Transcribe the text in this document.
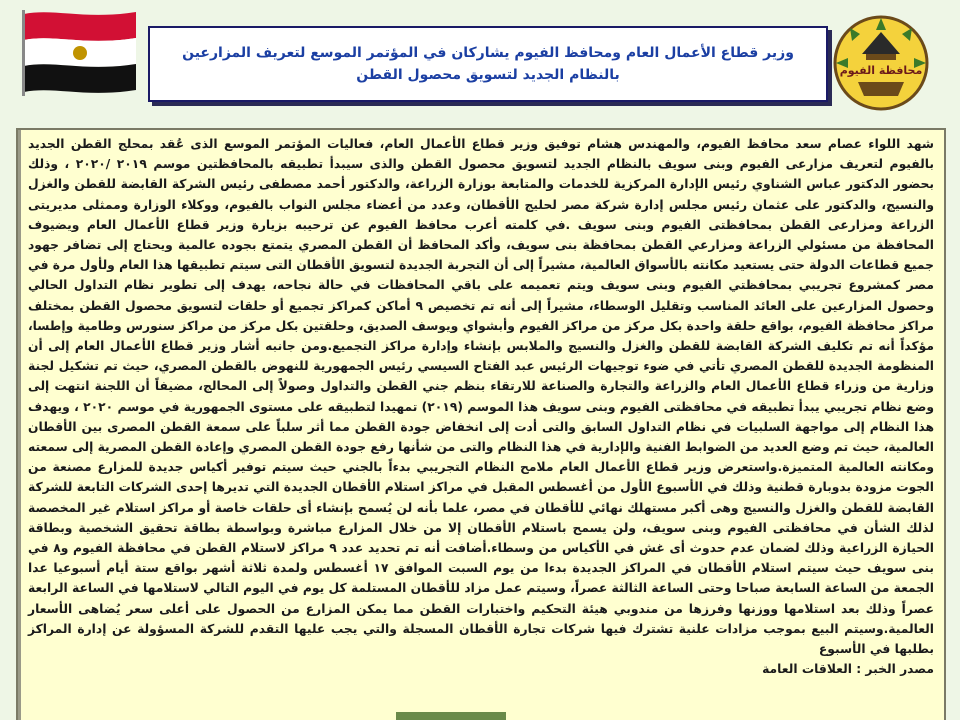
وزير قطاع الأعمال العام ومحافظ الفيوم يشاركان في المؤتمر الموسع لتعريف المزارعين بالنظام الجديد لتسويق محصول القطن	محافظة الفيوم
شهد اللواء عصام سعد محافظ الفيوم، والمهندس هشام توفيق وزير قطاع الأعمال العام، فعاليات المؤتمر الموسع الذى عُقد بمحلج القطن الجديد بالفيوم لتعريف مزارعى الفيوم وبنى سويف بالنظام الجديد لتسويق محصول القطن والذى سيبدأ تطبيقه بالمحافظتين موسم ٢٠١٩ /٢٠٢٠ ، وذلك بحضور الدكتور عباس الشناوي رئيس الإدارة المركزية للخدمات والمتابعة بوزارة الزراعة، والدكتور أحمد مصطفى رئيس الشركة القابضة للقطن والغزل والنسيج، والدكتور على عثمان رئيس مجلس إدارة شركة مصر لحليج الأقطان، وعدد من أعضاء مجلس النواب بالفيوم، ووكلاء الوزارة وممثلى مديريتى الزراعة ومزارعى القطن بمحافظتى الفيوم وبنى سويف .في كلمته أعرب محافظ الفيوم عن ترحيبه بزيارة وزير قطاع الأعمال العام ويضيوف المحافظة من مسئولي الزراعة ومزارعي القطن بمحافظة بنى سويف، وأكد المحافظ أن القطن المصري يتمتع بجوده عالمية ويحتاج إلى تضافر جهود جميع قطاعات الدولة حتى يستعيد مكانته بالأسواق العالمية، مشيراً إلى أن التجربة الجديدة لتسويق الأقطان التى سيتم تطبيقها هذا العام ولأول مرة في مصر كمشروع تجريبي بمحافظتي الفيوم وبنى سويف ويتم تعميمه على باقي المحافظات في حالة نجاحه، يهدف إلى تطوير نظام التداول الحالي وحصول المزارعين على العائد المناسب وتقليل الوسطاء، مشيراً إلى أنه تم تخصيص ٩ أماكن كمراكز تجميع أو حلقات لتسويق محصول القطن بمختلف مراكز محافظة الفيوم، بواقع حلقة واحدة بكل مركز من مراكز الفيوم وأبشواي ويوسف الصديق، وحلقتين بكل مركز من مراكز سنورس وطامية وإطسا، مؤكداً أنه تم تكليف الشركة القابضة للقطن والغزل والنسيج والملابس بإنشاء وإدارة مراكز التجميع.ومن جانبه أشار وزير قطاع الأعمال العام إلى أن المنظومة الجديدة للقطن المصري تأتي في ضوء توجيهات الرئيس عبد الفتاح السيسي رئيس الجمهورية للنهوض بالقطن المصري، حيث تم تشكيل لجنة وزارية من وزراء قطاع الأعمال العام والزراعة والتجارة والصناعة للارتقاء بنظم جني القطن والتداول وصولاً إلى المحالج، مضيفاً أن اللجنة انتهت إلى وضع نظام تجريبي يبدأ تطبيقه في محافظتى الفيوم وبنى سويف هذا الموسم (٢٠١٩) تمهيدا لتطبيقه على مستوى الجمهورية في موسم ٢٠٢٠ ، ويهدف هذا النظام إلى مواجهة السلبيات في نظام التداول السابق والتى أدت إلى انخفاض جودة القطن مما أثر سلباً على سمعة القطن المصرى بين الأقطان العالمية، حيث تم وضع العديد من الضوابط الفنية والإدارية في هذا النظام والتى من شأنها رفع جودة القطن المصري وإعادة القطن المصرية إلى سمعته ومكانته العالمية المتميزة.واستعرض وزير قطاع الأعمال العام ملامح النظام التجريبي بدءاً بالجني حيث سيتم توفير أكياس جديدة للمزارع مصنعة من الجوت مزودة بدوبارة قطنية وذلك في الأسبوع الأول من أغسطس المقبل في مراكز استلام الأقطان الجديدة التي تديرها إحدى الشركات التابعة للشركة القابضة للقطن والغزل والنسيج وهى أكبر مستهلك نهائي للأقطان في مصر، علما بأنه لن يُسمح بإنشاء أى حلقات خاصة أو مراكز استلام غير المخصصة لذلك الشأن في محافظتى الفيوم وبنى سويف، ولن يسمح باستلام الأقطان إلا من خلال المزارع مباشرة وبواسطة بطاقة تحقيق الشخصية وبطاقة الحيازة الزراعية وذلك لضمان عدم حدوث أى غش في الأكياس من وسطاء.أضافت أنه تم تحديد عدد ٩ مراكز لاستلام القطن في محافظة الفيوم و٨ في بنى سويف حيث سيتم استلام الأقطان في المراكز الجديدة بدءا من يوم السبت الموافق ١٧ أغسطس ولمدة ثلاثة أشهر بواقع ستة أيام أسبوعيا عدا الجمعة من الساعة السابعة صباحا وحتى الساعة الثالثة عصراً، وسيتم عمل مزاد للأقطان المستلمة كل يوم في اليوم التالي لاستلامها في الساعة الرابعة عصراً وذلك بعد استلامها ووزنها وفرزها من مندوبي هيئة التحكيم واختبارات القطن مما يمكن المزارع من الحصول على أعلى سعر يُضاهى الأسعار العالمية.وسيتم البيع بموجب مزادات علنية تشترك فيها شركات تجارة الأقطان المسجلة والتي يجب عليها التقدم للشركة المسؤولة عن إدارة المراكز بطلبها في الأسبوع
مصدر الخبر : العلاقات العامة
